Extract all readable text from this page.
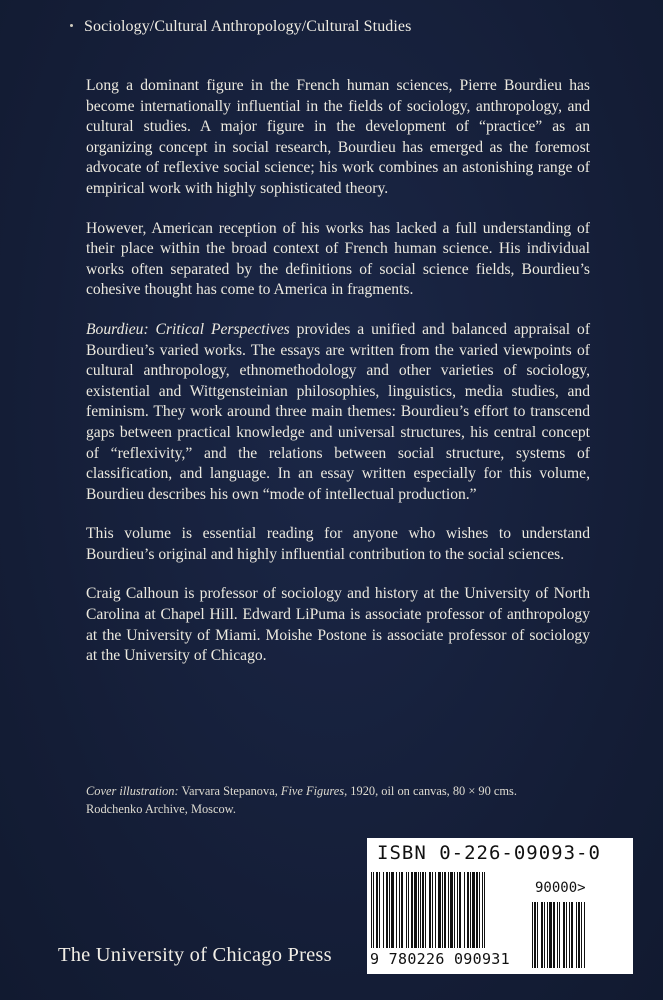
Sociology/Cultural Anthropology/Cultural Studies

Long a dominant figure in the French human sciences, Pierre Bourdieu has become internationally influential in the fields of sociology, anthropology, and cultural studies. A major figure in the development of “practice” as an organizing concept in social research, Bourdieu has emerged as the foremost advocate of reflexive social science; his work combines an astonishing range of empirical work with highly sophisticated theory.

However, American reception of his works has lacked a full understanding of their place within the broad context of French human science. His individual works often separated by the definitions of social science fields, Bourdieu’s cohesive thought has come to America in fragments.

Bourdieu: Critical Perspectives provides a unified and balanced appraisal of Bourdieu’s varied works. The essays are written from the varied viewpoints of cultural anthropology, ethnomethodology and other varieties of sociology, existential and Wittgensteinian philosophies, linguistics, media studies, and feminism. They work around three main themes: Bourdieu’s effort to transcend gaps between practical knowledge and universal structures, his central concept of “reflexivity,” and the relations between social structure, systems of classification, and language. In an essay written especially for this volume, Bourdieu describes his own “mode of intellectual production.”

This volume is essential reading for anyone who wishes to understand Bourdieu’s original and highly influential contribution to the social sciences.

Craig Calhoun is professor of sociology and history at the University of North Carolina at Chapel Hill. Edward LiPuma is associate professor of anthropology at the University of Miami. Moishe Postone is associate professor of sociology at the University of Chicago.

Cover illustration: Varvara Stepanova, Five Figures, 1920, oil on canvas, 80 × 90 cms.

Rodchenko Archive, Moscow.

ISBN 0-226-09093-0
90000>
9 780226 090931
The University of Chicago Press
